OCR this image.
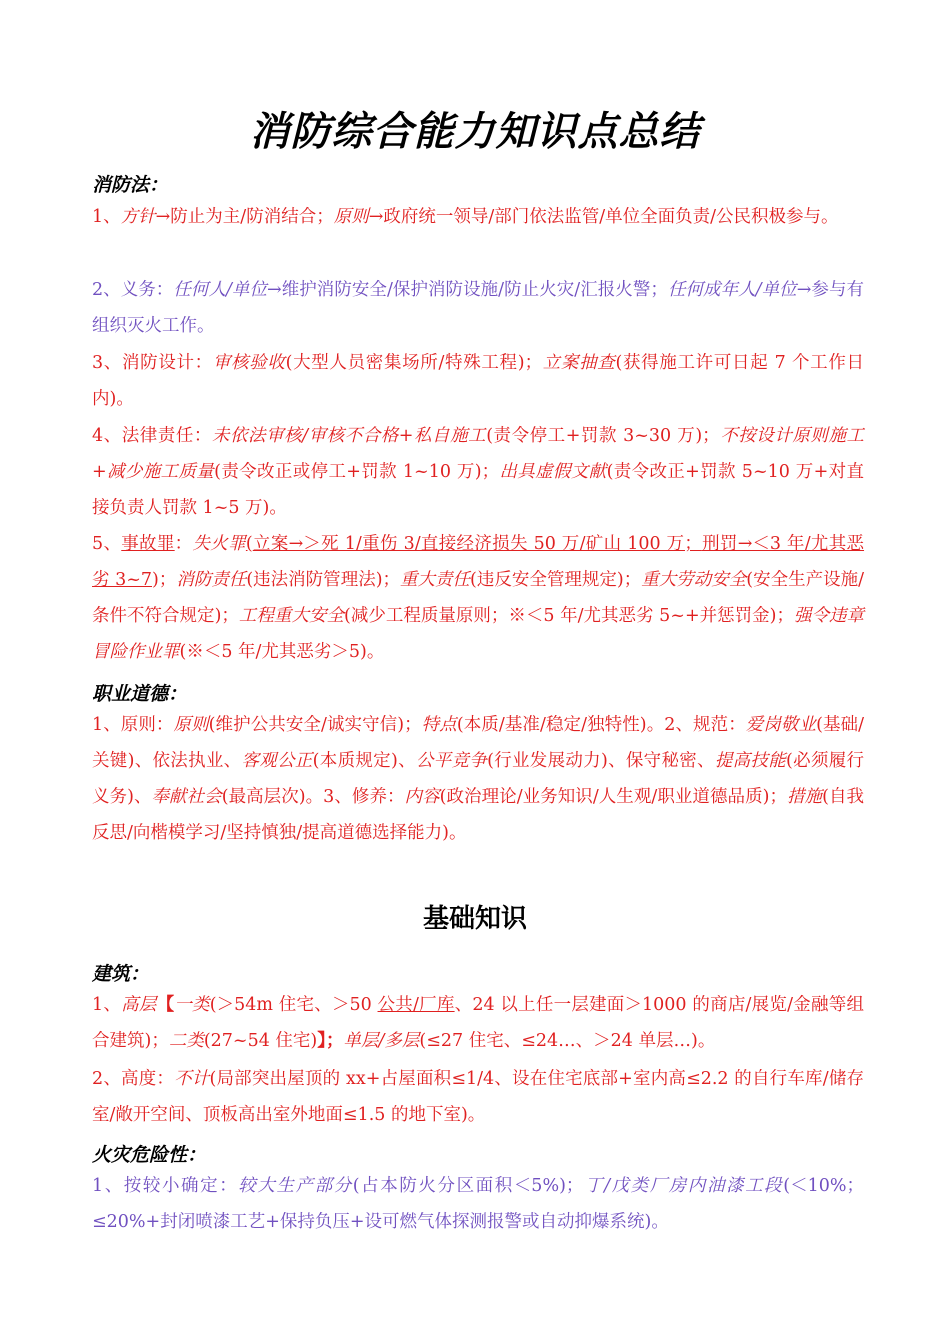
消防综合能力知识点总结
消防法：
1、方针→防止为主/防消结合；原则→政府统一领导/部门依法监管/单位全面负责/公民积极参与。
2、义务：任何人/单位→维护消防安全/保护消防设施/防止火灾/汇报火警；任何成年人/单位→参与有组织灭火工作。
3、消防设计：审核验收(大型人员密集场所/特殊工程)；立案抽查(获得施工许可日起 7 个工作日内)。
4、法律责任：未依法审核/审核不合格+私自施工(责令停工+罚款 3~30 万)；不按设计原则施工+减少施工质量(责令改正或停工+罚款 1~10 万)；出具虚假文献(责令改正+罚款 5~10 万+对直接负责人罚款 1~5 万)。
5、事故罪：失火罪(立案→＞死 1/重伤 3/直接经济损失 50 万/矿山 100 万；刑罚→＜3 年/尤其恶劣 3~7)；消防责任(违法消防管理法)；重大责任(违反安全管理规定)；重大劳动安全(安全生产设施/条件不符合规定)；工程重大安全(减少工程质量原则；※＜5 年/尤其恶劣 5~+并惩罚金)；强令违章冒险作业罪(※＜5 年/尤其恶劣＞5)。
职业道德：
1、原则：原则(维护公共安全/诚实守信)；特点(本质/基准/稳定/独特性)。2、规范：爱岗敬业(基础/关键)、依法执业、客观公正(本质规定)、公平竞争(行业发展动力)、保守秘密、提高技能(必须履行义务)、奉献社会(最高层次)。3、修养：内容(政治理论/业务知识/人生观/职业道德品质)；措施(自我反思/向楷模学习/坚持慎独/提高道德选择能力)。
基础知识
建筑：
1、高层【一类(＞54m 住宅、＞50 公共/厂库、24 以上任一层建面＞1000 的商店/展览/金融等组合建筑)；二类(27~54 住宅)】；单层/多层(≤27 住宅、≤24…、＞24 单层…)。
2、高度：不计(局部突出屋顶的 xx+占屋面积≤1/4、设在住宅底部+室内高≤2.2 的自行车库/储存室/敞开空间、顶板高出室外地面≤1.5 的地下室)。
火灾危险性：
1、按较小确定：较大生产部分(占本防火分区面积＜5%)；丁/戊类厂房内油漆工段(＜10%；≤20%+封闭喷漆工艺+保持负压+设可燃气体探测报警或自动抑爆系统)。
